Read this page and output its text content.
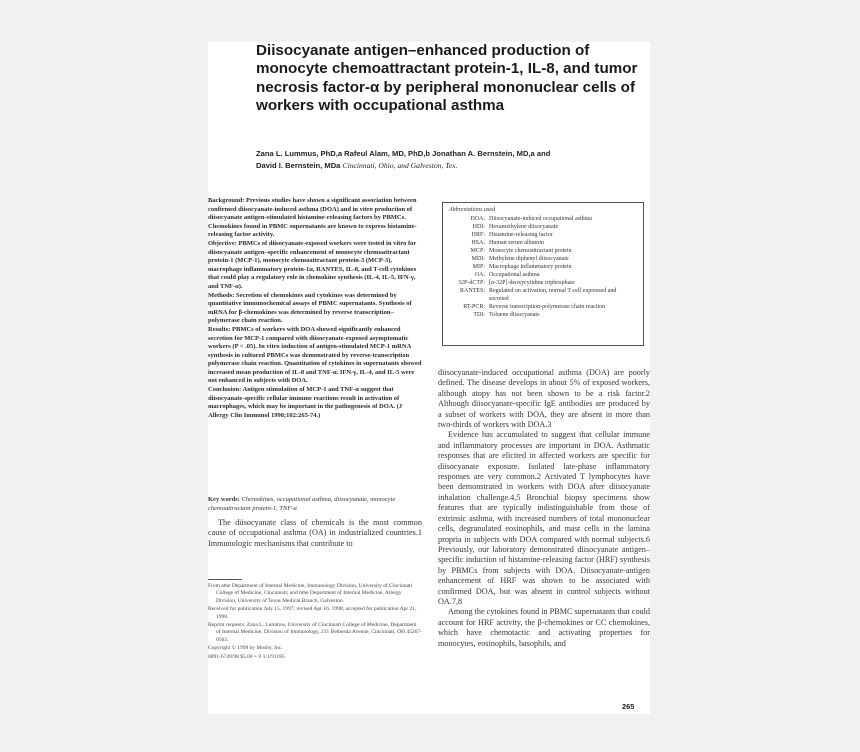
Diisocyanate antigen–enhanced production of monocyte chemoattractant protein-1, IL-8, and tumor necrosis factor-α by peripheral mononuclear cells of workers with occupational asthma
Zana L. Lummus, PhD,a Rafeul Alam, MD, PhD,b Jonathan A. Bernstein, MD,a and
David I. Bernstein, MDa Cincinnati, Ohio, and Galveston, Tex.

Background: Previous studies have shown a significant association between confirmed diisocyanate-induced asthma (DOA) and in vitro production of diisocyanate antigen-stimulated histamine-releasing factors by PBMCs. Chemokines found in PBMC supernatants are known to express histamine-releasing factor activity.

Objective: PBMCs of diisocyanate-exposed workers were tested in vitro for diisocyanate antigen–specific enhancement of monocyte chemoattractant protein-1 (MCP-1), monocyte chemoattractant protein-3 (MCP-3), macrophage inflammatory protein-1α, RANTES, IL-8, and T-cell cytokines that could play a regulatory role in chemokine synthesis (IL-4, IL-5, IFN-γ, and TNF-α).

Methods: Secretion of chemokines and cytokines was determined by quantitative immunochemical assays of PBMC supernatants. Synthesis of mRNA for β-chemokines was determined by reverse transcription–polymerase chain reaction.

Results: PBMCs of workers with DOA showed significantly enhanced secretion for MCP-1 compared with diisocyanate-exposed asymptomatic workers (P < .05). In vitro induction of antigen-stimulated MCP-1 mRNA synthesis in cultured PBMCs was demonstrated by reverse-transcription polymerase chain reaction. Quantitation of cytokines in supernatants showed increased mean production of IL-8 and TNF-α. IFN-γ, IL-4, and IL-5 were not enhanced in subjects with DOA.

Conclusion: Antigen stimulation of MCP-1 and TNF-α suggest that diisocyanate-specific cellular immune reactions result in activation of macrophages, which may be important in the pathogenesis of DOA. (J Allergy Clin Immunol 1998;102:265-74.)

Key words: Chemokines, occupational asthma, diisocyanate, monocyte chemoattractant protein-1, TNF-α

The diisocyanate class of chemicals is the most common cause of occupational asthma (OA) in industrialized countries.1 Immunologic mechanisms that contribute to

From athe Department of Internal Medicine, Immunology Division, University of Cincinnati College of Medicine, Cincinnati; and bthe Department of Internal Medicine, Allergy Division, University of Texas Medical Branch, Galveston.

Received for publication July 15, 1997; revised Apr 16, 1998; accepted for publication Apr 21, 1998.

Reprint requests: Zana L. Lummus, University of Cincinnati College of Medicine, Department of Internal Medicine, Division of Immunology, 231 Bethesda Avenue, Cincinnati, OH 45267-0563.

Copyright © 1998 by Mosby, Inc.

0091-6749/98 $5.00 + 0 1/1/91185

Abbreviations used
DOA: Diisocyanate-induced occupational asthma
HDI: Hexamethylene diisocyanate
HRF: Histamine-releasing factor
HSA: Human serum albumin
MCP: Monocyte chemoattractant protein
MDI: Methylene diphenyl diisocyanate
MIP: Macrophage inflammatory protein
OA: Occupational asthma
32P-dCTP: [α-32P]-deoxycytidine triphosphate
RANTES: Regulated on activation, normal T cell expressed and secreted
RT-PCR: Reverse transcription-polymerase chain reaction
TDI: Toluene diisocyanate

diisocyanate-induced occupational asthma (DOA) are poorly defined. The disease develops in about 5% of exposed workers, although atopy has not been shown to be a risk factor.2 Although diisocyanate-specific IgE antibodies are produced by a subset of workers with DOA, they are absent in more than two-thirds of workers with DOA.3

Evidence has accumulated to suggest that cellular immune and inflammatory processes are important in DOA. Asthmatic responses that are elicited in affected workers are specific for diisocyanate exposure. Isolated late-phase inflammatory responses are very common.2 Activated T lymphocytes have been demonstrated in workers with DOA after diisocyanate inhalation challenge.4,5 Bronchial biopsy specimens show features that are typically indistinguishable from those of extrinsic asthma, with increased numbers of total mononuclear cells, degranulated eosinophils, and mast cells in the lamina propria in subjects with DOA compared with normal subjects.6 Previously, our laboratory demonstrated diisocyanate antigen–specific induction of histamine-releasing factor (HRF) synthesis by PBMCs from subjects with DOA. Diisocyanate-antigen enhancement of HRF was shown to be associated with confirmed DOA, but was absent in control subjects without OA.7,8

Among the cytokines found in PBMC supernatants that could account for HRF activity, the β-chemokines or CC chemokines, which have chemotactic and activating properties for monocytes, eosinophils, basophils, and

265
